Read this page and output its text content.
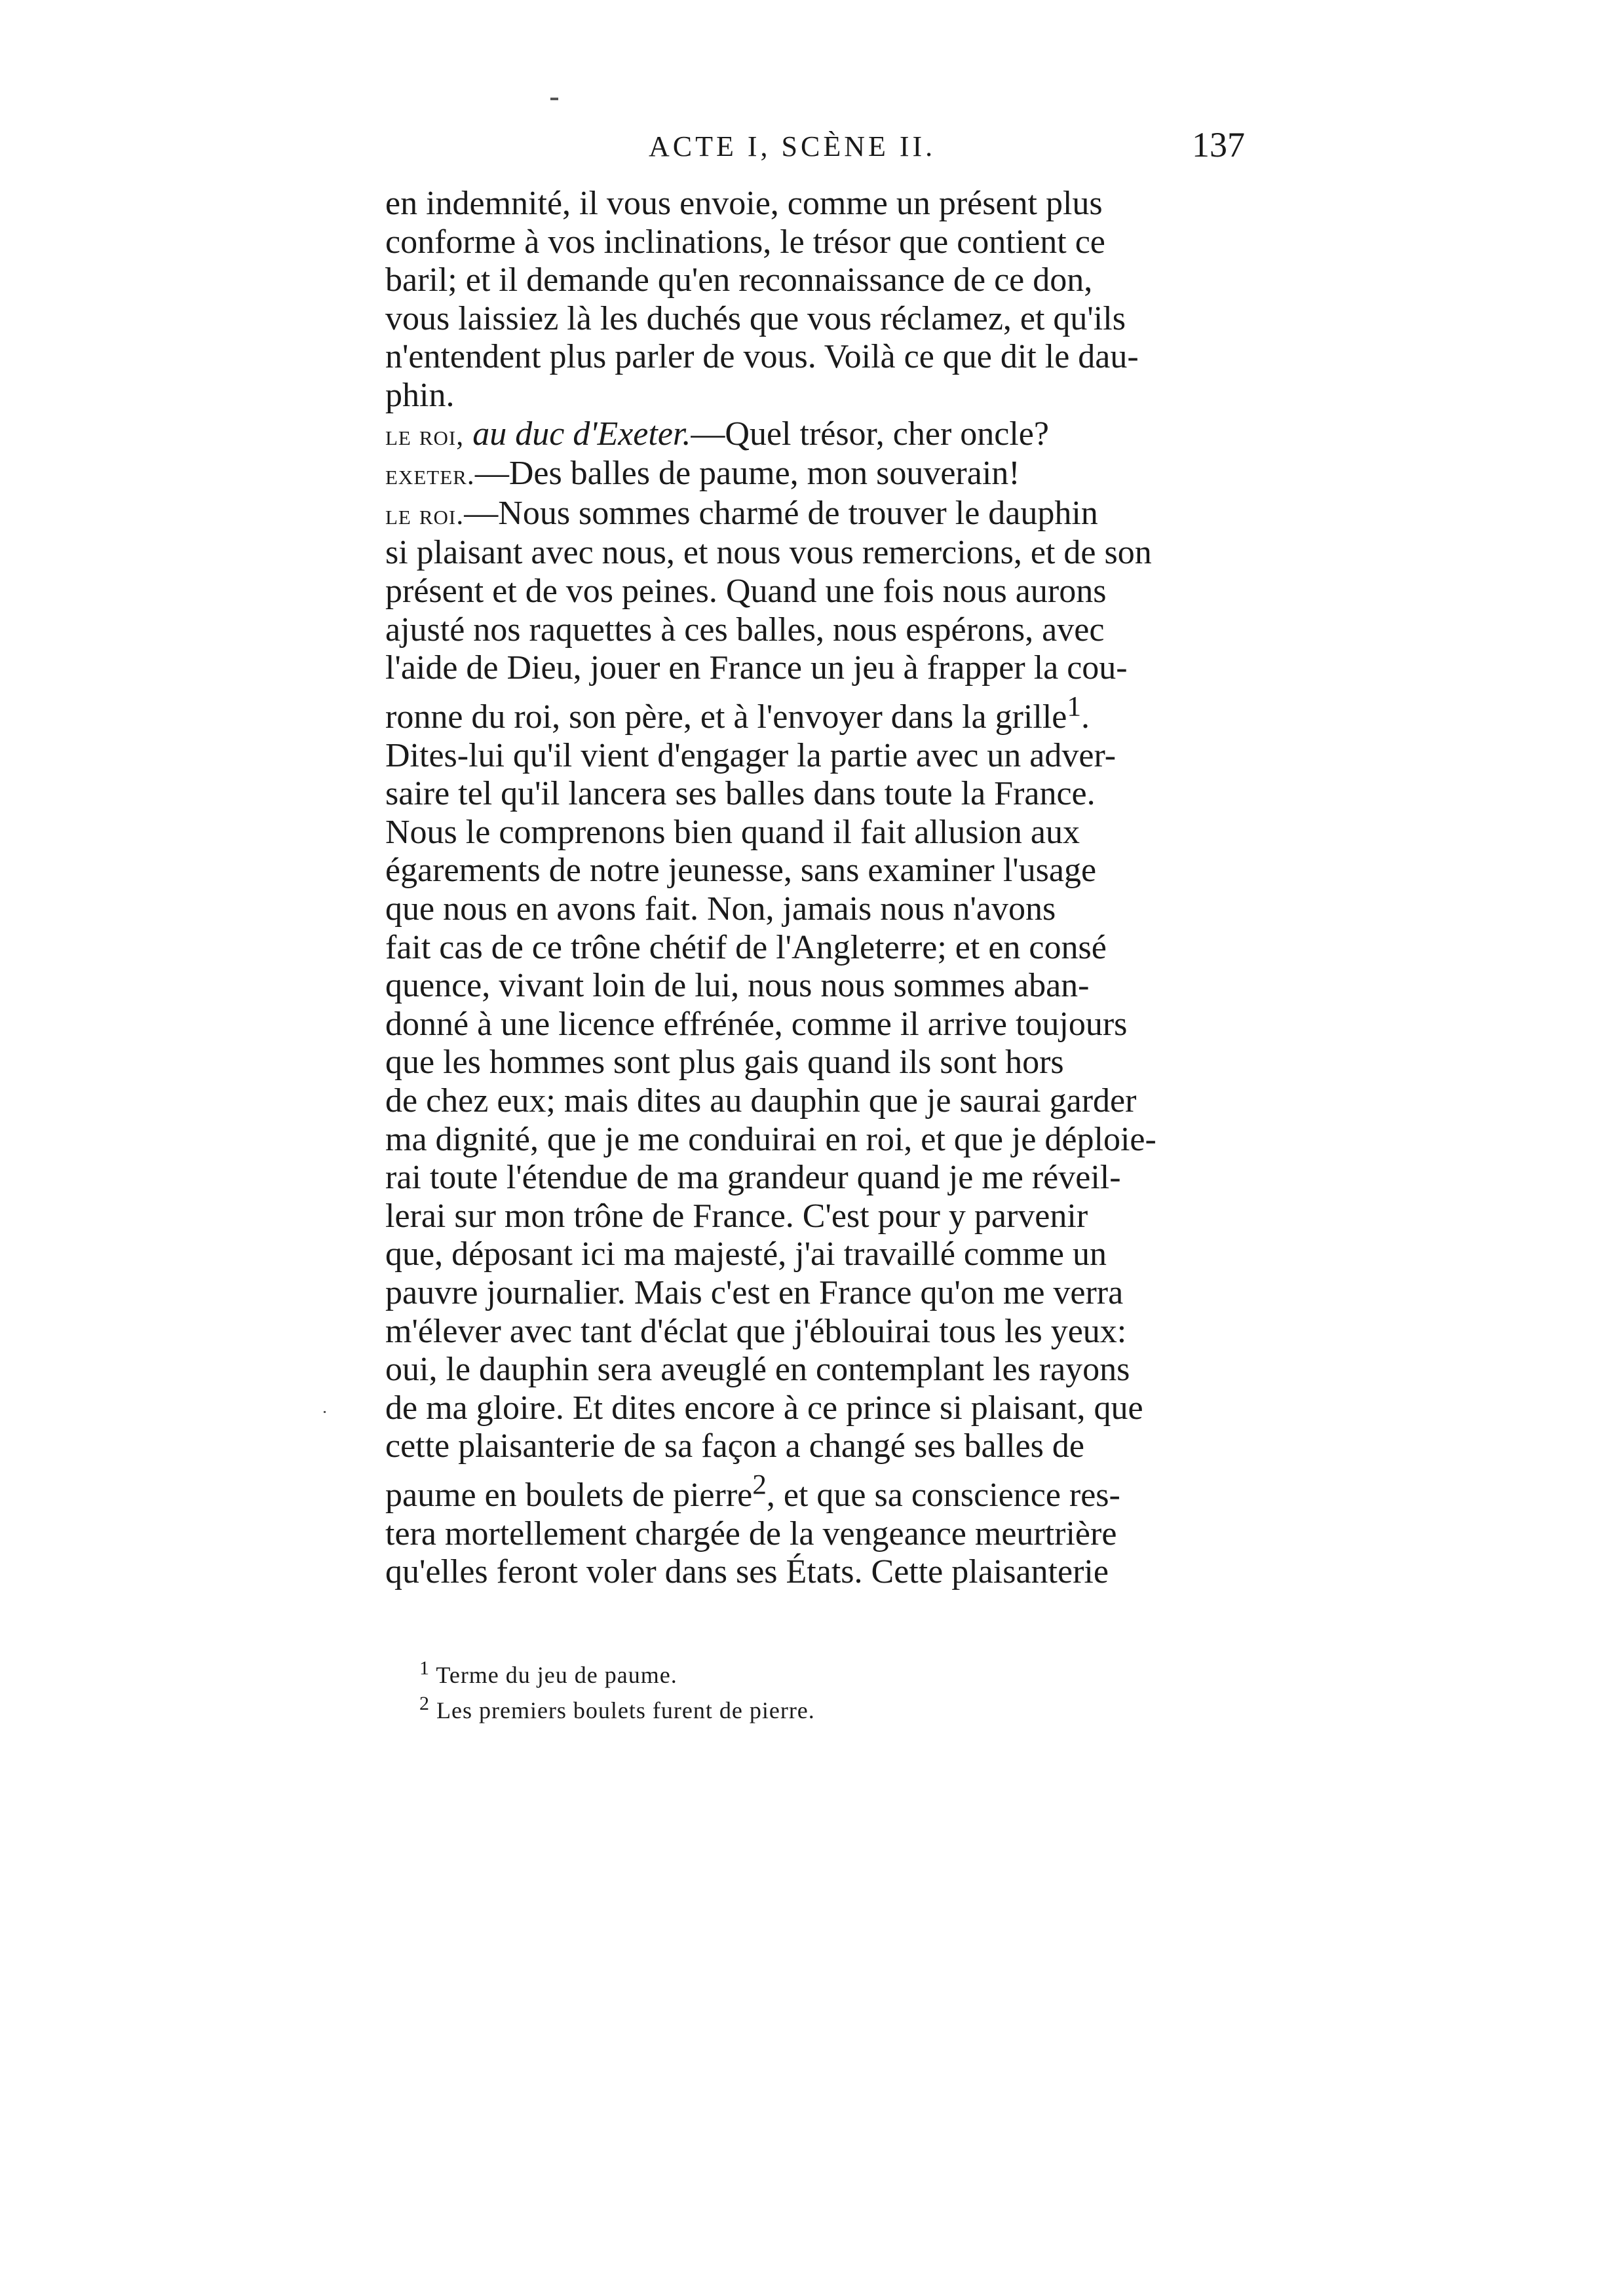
ACTE I, SCÈNE II.	137
en indemnité, il vous envoie, comme un présent plus
conforme à vos inclinations, le trésor que contient ce
baril; et il demande qu'en reconnaissance de ce don,
vous laissiez là les duchés que vous réclamez, et qu'ils
n'entendent plus parler de vous. Voilà ce que dit le dau-
phin.
le roi, au duc d'Exeter.—Quel trésor, cher oncle?
exeter.—Des balles de paume, mon souverain!
le roi.—Nous sommes charmé de trouver le dauphin
si plaisant avec nous, et nous vous remercions, et de son
présent et de vos peines. Quand une fois nous aurons
ajusté nos raquettes à ces balles, nous espérons, avec
l'aide de Dieu, jouer en France un jeu à frapper la cou-
ronne du roi, son père, et à l'envoyer dans la grille$^1$.
Dites-lui qu'il vient d'engager la partie avec un adver-
saire tel qu'il lancera ses balles dans toute la France.
Nous le comprenons bien quand il fait allusion aux
égarements de notre jeunesse, sans examiner l'usage
que nous en avons fait. Non, jamais nous n'avons
fait cas de ce trône chétif de l'Angleterre; et en consé
quence, vivant loin de lui, nous nous sommes aban-
donné à une licence effrénée, comme il arrive toujours
que les hommes sont plus gais quand ils sont hors
de chez eux; mais dites au dauphin que je saurai garder
ma dignité, que je me conduirai en roi, et que je déploie-
rai toute l'étendue de ma grandeur quand je me réveil-
lerai sur mon trône de France. C'est pour y parvenir
que, déposant ici ma majesté, j'ai travaillé comme un
pauvre journalier. Mais c'est en France qu'on me verra
m'élever avec tant d'éclat que j'éblouirai tous les yeux:
oui, le dauphin sera aveuglé en contemplant les rayons
de ma gloire. Et dites encore à ce prince si plaisant, que
cette plaisanterie de sa façon a changé ses balles de
paume en boulets de pierre$^2$, et que sa conscience res-
tera mortellement chargée de la vengeance meurtrière
qu'elles feront voler dans ses États. Cette plaisanterie
$^1$ Terme du jeu de paume.
$^2$ Les premiers boulets furent de pierre.
